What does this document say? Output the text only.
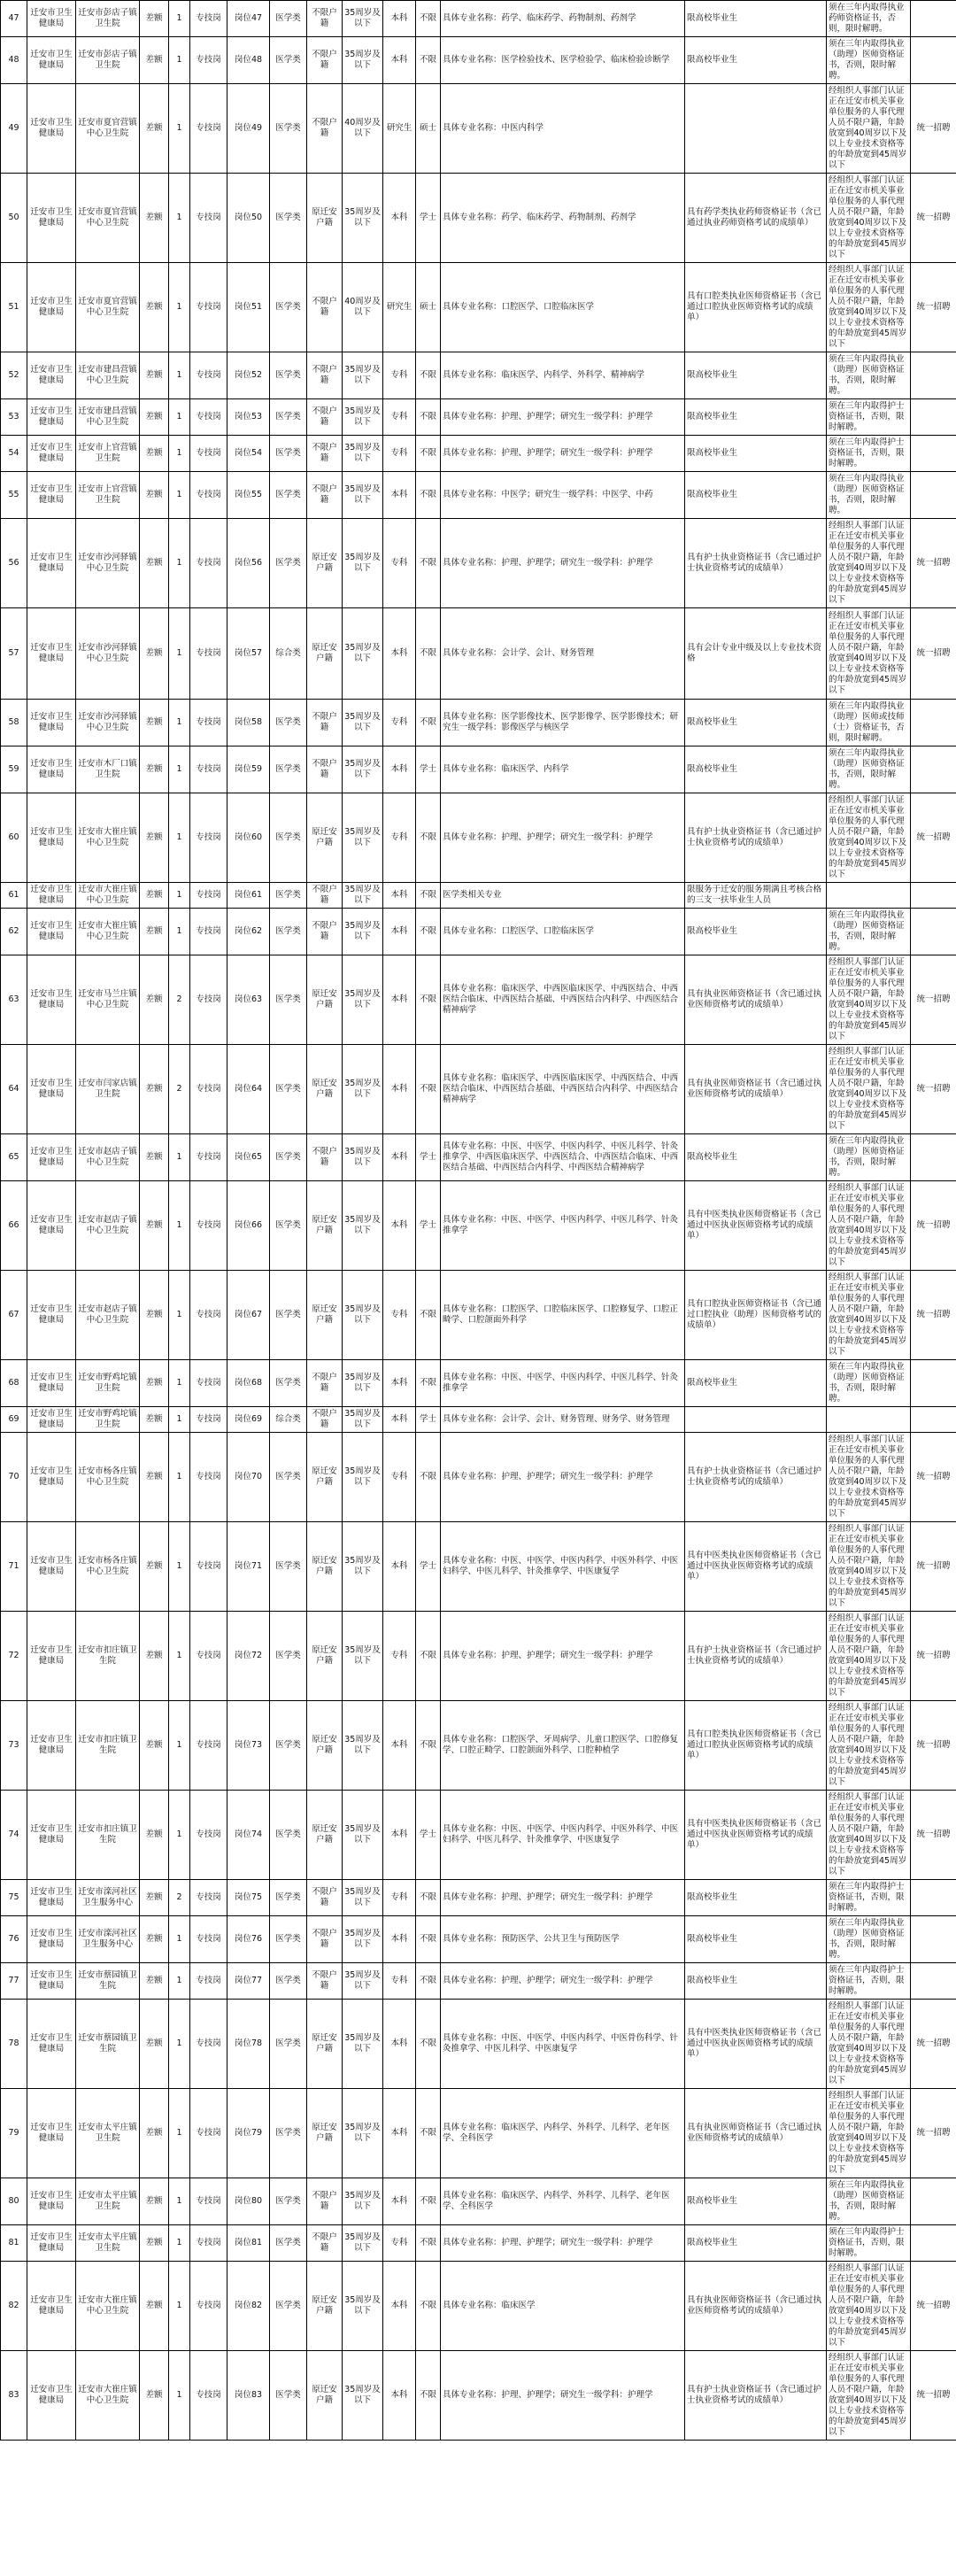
47	迁安市卫生健康局	迁安市彭店子镇卫生院	差额	1	专技岗	岗位47	医学类	不限户籍	35周岁及以下	本科	不限	具体专业名称：药学、临床药学、药物制剂、药剂学	限高校毕业生	须在三年内取得执业药师资格证书，否则，限时解聘。	
48	迁安市卫生健康局	迁安市彭店子镇卫生院	差额	1	专技岗	岗位48	医学类	不限户籍	35周岁及以下	本科	不限	具体专业名称：医学检验技术、医学检验学、临床检验诊断学	限高校毕业生	须在三年内取得执业（助理）医师资格证书，否则，限时解聘。	
49	迁安市卫生健康局	迁安市夏官营镇中心卫生院	差额	1	专技岗	岗位49	医学类	不限户籍	40周岁及以下	研究生	硕士	具体专业名称：中医内科学		经组织人事部门认证正在迁安市机关事业单位服务的人事代理人员不限户籍，年龄放宽到40周岁以下及以上专业技术资格等的年龄放宽到45周岁以下	统一招聘
50	迁安市卫生健康局	迁安市夏官营镇中心卫生院	差额	1	专技岗	岗位50	医学类	原迁安户籍	35周岁及以下	本科	学士	具体专业名称：药学、临床药学、药物制剂、药剂学	具有药学类执业药师资格证书（含已通过执业药师资格考试的成绩单）	经组织人事部门认证正在迁安市机关事业单位服务的人事代理人员不限户籍，年龄放宽到40周岁以下及以上专业技术资格等的年龄放宽到45周岁以下	统一招聘
51	迁安市卫生健康局	迁安市夏官营镇中心卫生院	差额	1	专技岗	岗位51	医学类	不限户籍	40周岁及以下	研究生	硕士	具体专业名称：口腔医学、口腔临床医学	具有口腔类执业医师资格证书（含已通过口腔执业医师资格考试的成绩单）	经组织人事部门认证正在迁安市机关事业单位服务的人事代理人员不限户籍，年龄放宽到40周岁以下及以上专业技术资格等的年龄放宽到45周岁以下	统一招聘
52	迁安市卫生健康局	迁安市建昌营镇中心卫生院	差额	1	专技岗	岗位52	医学类	不限户籍	35周岁及以下	专科	不限	具体专业名称：临床医学、内科学、外科学、精神病学	限高校毕业生	须在三年内取得执业（助理）医师资格证书，否则，限时解聘。	
53	迁安市卫生健康局	迁安市建昌营镇中心卫生院	差额	1	专技岗	岗位53	医学类	不限户籍	35周岁及以下	专科	不限	具体专业名称：护理、护理学；研究生一级学科：护理学	限高校毕业生	须在三年内取得护士资格证书，否则，限时解聘。	
54	迁安市卫生健康局	迁安市上官营镇卫生院	差额	1	专技岗	岗位54	医学类	不限户籍	35周岁及以下	专科	不限	具体专业名称：护理、护理学；研究生一级学科：护理学	限高校毕业生	须在三年内取得护士资格证书，否则，限时解聘。	
55	迁安市卫生健康局	迁安市上官营镇卫生院	差额	1	专技岗	岗位55	医学类	不限户籍	35周岁及以下	本科	不限	具体专业名称：中医学；研究生一级学科：中医学、中药	限高校毕业生	须在三年内取得执业（助理）医师资格证书，否则，限时解聘。	
56	迁安市卫生健康局	迁安市沙河驿镇中心卫生院	差额	1	专技岗	岗位56	医学类	原迁安户籍	35周岁及以下	专科	不限	具体专业名称：护理、护理学；研究生一级学科：护理学	具有护士执业资格证书（含已通过护士执业资格考试的成绩单）	经组织人事部门认证正在迁安市机关事业单位服务的人事代理人员不限户籍，年龄放宽到40周岁以下及以上专业技术资格等的年龄放宽到45周岁以下	统一招聘
57	迁安市卫生健康局	迁安市沙河驿镇中心卫生院	差额	1	专技岗	岗位57	综合类	原迁安户籍	35周岁及以下	本科	不限	具体专业名称：会计学、会计、财务管理	具有会计专业中级及以上专业技术资格	经组织人事部门认证正在迁安市机关事业单位服务的人事代理人员不限户籍，年龄放宽到40周岁以下及以上专业技术资格等的年龄放宽到45周岁以下	统一招聘
58	迁安市卫生健康局	迁安市沙河驿镇中心卫生院	差额	1	专技岗	岗位58	医学类	不限户籍	35周岁及以下	专科	不限	具体专业名称：医学影像技术、医学影像学、医学影像技术；研究生一级学科：影像医学与核医学	限高校毕业生	须在三年内取得执业（助理）医师或技师（士）资格证书，否则，限时解聘。	
59	迁安市卫生健康局	迁安市木厂口镇卫生院	差额	1	专技岗	岗位59	医学类	不限户籍	35周岁及以下	本科	学士	具体专业名称：临床医学、内科学	限高校毕业生	须在三年内取得执业（助理）医师资格证书，否则，限时解聘。	
60	迁安市卫生健康局	迁安市大崔庄镇中心卫生院	差额	1	专技岗	岗位60	医学类	原迁安户籍	35周岁及以下	专科	不限	具体专业名称：护理、护理学；研究生一级学科：护理学	具有护士执业资格证书（含已通过护士执业资格考试的成绩单）	经组织人事部门认证正在迁安市机关事业单位服务的人事代理人员不限户籍，年龄放宽到40周岁以下及以上专业技术资格等的年龄放宽到45周岁以下	统一招聘
61	迁安市卫生健康局	迁安市大崔庄镇中心卫生院	差额	1	专技岗	岗位61	医学类	不限户籍	35周岁及以下	本科	不限	医学类相关专业	限服务于迁安的服务期满且考核合格的三支一扶毕业生人员		
62	迁安市卫生健康局	迁安市大崔庄镇中心卫生院	差额	1	专技岗	岗位62	医学类	不限户籍	35周岁及以下	本科	不限	具体专业名称：口腔医学、口腔临床医学	限高校毕业生	须在三年内取得执业（助理）医师资格证书，否则，限时解聘。	
63	迁安市卫生健康局	迁安市马兰庄镇中心卫生院	差额	2	专技岗	岗位63	医学类	原迁安户籍	35周岁及以下	本科	不限	具体专业名称：临床医学、中西医临床医学、中西医结合、中西医结合临床、中西医结合基础、中西医结合内科学、中西医结合精神病学	具有执业医师资格证书（含已通过执业医师资格考试的成绩单）	经组织人事部门认证正在迁安市机关事业单位服务的人事代理人员不限户籍，年龄放宽到40周岁以下及以上专业技术资格等的年龄放宽到45周岁以下	统一招聘
64	迁安市卫生健康局	迁安市闫家店镇卫生院	差额	2	专技岗	岗位64	医学类	原迁安户籍	35周岁及以下	本科	不限	具体专业名称：临床医学、中西医临床医学、中西医结合、中西医结合临床、中西医结合基础、中西医结合内科学、中西医结合精神病学	具有执业医师资格证书（含已通过执业医师资格考试的成绩单）	经组织人事部门认证正在迁安市机关事业单位服务的人事代理人员不限户籍，年龄放宽到40周岁以下及以上专业技术资格等的年龄放宽到45周岁以下	统一招聘
65	迁安市卫生健康局	迁安市赵店子镇中心卫生院	差额	1	专技岗	岗位65	医学类	不限户籍	35周岁及以下	本科	学士	具体专业名称：中医、中医学、中医内科学、中医儿科学、针灸推拿学、中西医临床医学、中西医结合、中西医结合临床、中西医结合基础、中西医结合内科学、中西医结合精神病学	限高校毕业生	须在三年内取得执业（助理）医师资格证书，否则，限时解聘。	
66	迁安市卫生健康局	迁安市赵店子镇中心卫生院	差额	1	专技岗	岗位66	医学类	原迁安户籍	35周岁及以下	本科	学士	具体专业名称：中医、中医学、中医内科学、中医儿科学、针灸推拿学	具有中医类执业医师资格证书（含已通过中医执业医师资格考试的成绩单）	经组织人事部门认证正在迁安市机关事业单位服务的人事代理人员不限户籍，年龄放宽到40周岁以下及以上专业技术资格等的年龄放宽到45周岁以下	统一招聘
67	迁安市卫生健康局	迁安市赵店子镇中心卫生院	差额	1	专技岗	岗位67	医学类	原迁安户籍	35周岁及以下	专科	不限	具体专业名称：口腔医学、口腔临床医学、口腔修复学、口腔正畸学、口腔颌面外科学	具有口腔执业医师资格证书（含已通过口腔执业（助理）医师资格考试的成绩单）	经组织人事部门认证正在迁安市机关事业单位服务的人事代理人员不限户籍，年龄放宽到40周岁以下及以上专业技术资格等的年龄放宽到45周岁以下	统一招聘
68	迁安市卫生健康局	迁安市野鸡坨镇卫生院	差额	1	专技岗	岗位68	医学类	不限户籍	35周岁及以下	本科	不限	具体专业名称：中医、中医学、中医内科学、中医儿科学、针灸推拿学	限高校毕业生	须在三年内取得执业（助理）医师资格证书，否则，限时解聘。	
69	迁安市卫生健康局	迁安市野鸡坨镇卫生院	差额	1	专技岗	岗位69	综合类	不限户籍	35周岁及以下	本科	学士	具体专业名称：会计学、会计、财务管理、财务学、财务管理			
70	迁安市卫生健康局	迁安市杨各庄镇中心卫生院	差额	1	专技岗	岗位70	医学类	原迁安户籍	35周岁及以下	专科	不限	具体专业名称：护理、护理学；研究生一级学科：护理学	具有护士执业资格证书（含已通过护士执业资格考试的成绩单）	经组织人事部门认证正在迁安市机关事业单位服务的人事代理人员不限户籍，年龄放宽到40周岁以下及以上专业技术资格等的年龄放宽到45周岁以下	统一招聘
71	迁安市卫生健康局	迁安市杨各庄镇中心卫生院	差额	1	专技岗	岗位71	医学类	原迁安户籍	35周岁及以下	本科	学士	具体专业名称：中医、中医学、中医内科学、中医外科学、中医妇科学、中医儿科学、针灸推拿学、中医康复学	具有中医类执业医师资格证书（含已通过中医执业医师资格考试的成绩单）	经组织人事部门认证正在迁安市机关事业单位服务的人事代理人员不限户籍，年龄放宽到40周岁以下及以上专业技术资格等的年龄放宽到45周岁以下	统一招聘
72	迁安市卫生健康局	迁安市扣庄镇卫生院	差额	1	专技岗	岗位72	医学类	原迁安户籍	35周岁及以下	专科	不限	具体专业名称：护理、护理学；研究生一级学科：护理学	具有护士执业资格证书（含已通过护士执业资格考试的成绩单）	经组织人事部门认证正在迁安市机关事业单位服务的人事代理人员不限户籍，年龄放宽到40周岁以下及以上专业技术资格等的年龄放宽到45周岁以下	统一招聘
73	迁安市卫生健康局	迁安市扣庄镇卫生院	差额	1	专技岗	岗位73	医学类	原迁安户籍	35周岁及以下	本科	不限	具体专业名称：口腔医学、牙周病学、儿童口腔医学、口腔修复学、口腔正畸学、口腔颌面外科学、口腔种植学	具有口腔类执业医师资格证书（含已通过口腔执业医师资格考试的成绩单）	经组织人事部门认证正在迁安市机关事业单位服务的人事代理人员不限户籍，年龄放宽到40周岁以下及以上专业技术资格等的年龄放宽到45周岁以下	统一招聘
74	迁安市卫生健康局	迁安市扣庄镇卫生院	差额	1	专技岗	岗位74	医学类	原迁安户籍	35周岁及以下	本科	学士	具体专业名称：中医、中医学、中医内科学、中医外科学、中医妇科学、中医儿科学、针灸推拿学、中医康复学	具有中医类执业医师资格证书（含已通过中医执业医师资格考试的成绩单）	经组织人事部门认证正在迁安市机关事业单位服务的人事代理人员不限户籍，年龄放宽到40周岁以下及以上专业技术资格等的年龄放宽到45周岁以下	统一招聘
75	迁安市卫生健康局	迁安市滦河社区卫生服务中心	差额	2	专技岗	岗位75	医学类	不限户籍	35周岁及以下	专科	不限	具体专业名称：护理、护理学；研究生一级学科：护理学	限高校毕业生	须在三年内取得护士资格证书，否则，限时解聘。	
76	迁安市卫生健康局	迁安市滦河社区卫生服务中心	差额	1	专技岗	岗位76	医学类	不限户籍	35周岁及以下	本科	不限	具体专业名称：预防医学、公共卫生与预防医学	限高校毕业生	须在三年内取得执业（助理）医师资格证书，否则，限时解聘。	
77	迁安市卫生健康局	迁安市蔡园镇卫生院	差额	1	专技岗	岗位77	医学类	不限户籍	35周岁及以下	专科	不限	具体专业名称：护理、护理学；研究生一级学科：护理学	限高校毕业生	须在三年内取得护士资格证书，否则，限时解聘。	
78	迁安市卫生健康局	迁安市蔡园镇卫生院	差额	1	专技岗	岗位78	医学类	原迁安户籍	35周岁及以下	本科	不限	具体专业名称：中医、中医学、中医内科学、中医骨伤科学、针灸推拿学、中医儿科学、中医康复学	具有中医类执业医师资格证书（含已通过中医执业医师资格考试的成绩单）	经组织人事部门认证正在迁安市机关事业单位服务的人事代理人员不限户籍，年龄放宽到40周岁以下及以上专业技术资格等的年龄放宽到45周岁以下	统一招聘
79	迁安市卫生健康局	迁安市太平庄镇卫生院	差额	1	专技岗	岗位79	医学类	原迁安户籍	35周岁及以下	本科	不限	具体专业名称：临床医学、内科学、外科学、儿科学、老年医学、全科医学	具有执业医师资格证书（含已通过执业医师资格考试的成绩单）	经组织人事部门认证正在迁安市机关事业单位服务的人事代理人员不限户籍，年龄放宽到40周岁以下及以上专业技术资格等的年龄放宽到45周岁以下	统一招聘
80	迁安市卫生健康局	迁安市太平庄镇卫生院	差额	1	专技岗	岗位80	医学类	不限户籍	35周岁及以下	本科	不限	具体专业名称：临床医学、内科学、外科学、儿科学、老年医学、全科医学	限高校毕业生	须在三年内取得执业（助理）医师资格证书，否则，限时解聘。	
81	迁安市卫生健康局	迁安市太平庄镇卫生院	差额	1	专技岗	岗位81	医学类	不限户籍	35周岁及以下	专科	不限	具体专业名称：护理、护理学；研究生一级学科：护理学	限高校毕业生	须在三年内取得护士资格证书，否则，限时解聘。	
82	迁安市卫生健康局	迁安市大崔庄镇中心卫生院	差额	1	专技岗	岗位82	医学类	原迁安户籍	35周岁及以下	本科	不限	具体专业名称：临床医学	具有执业医师资格证书（含已通过执业医师资格考试的成绩单）	经组织人事部门认证正在迁安市机关事业单位服务的人事代理人员不限户籍，年龄放宽到40周岁以下及以上专业技术资格等的年龄放宽到45周岁以下	统一招聘
83	迁安市卫生健康局	迁安市大崔庄镇中心卫生院	差额	1	专技岗	岗位83	医学类	原迁安户籍	35周岁及以下	本科	不限	具体专业名称：护理、护理学；研究生一级学科：护理学	具有护士执业资格证书（含已通过护士执业资格考试的成绩单）	经组织人事部门认证正在迁安市机关事业单位服务的人事代理人员不限户籍，年龄放宽到40周岁以下及以上专业技术资格等的年龄放宽到45周岁以下	统一招聘
